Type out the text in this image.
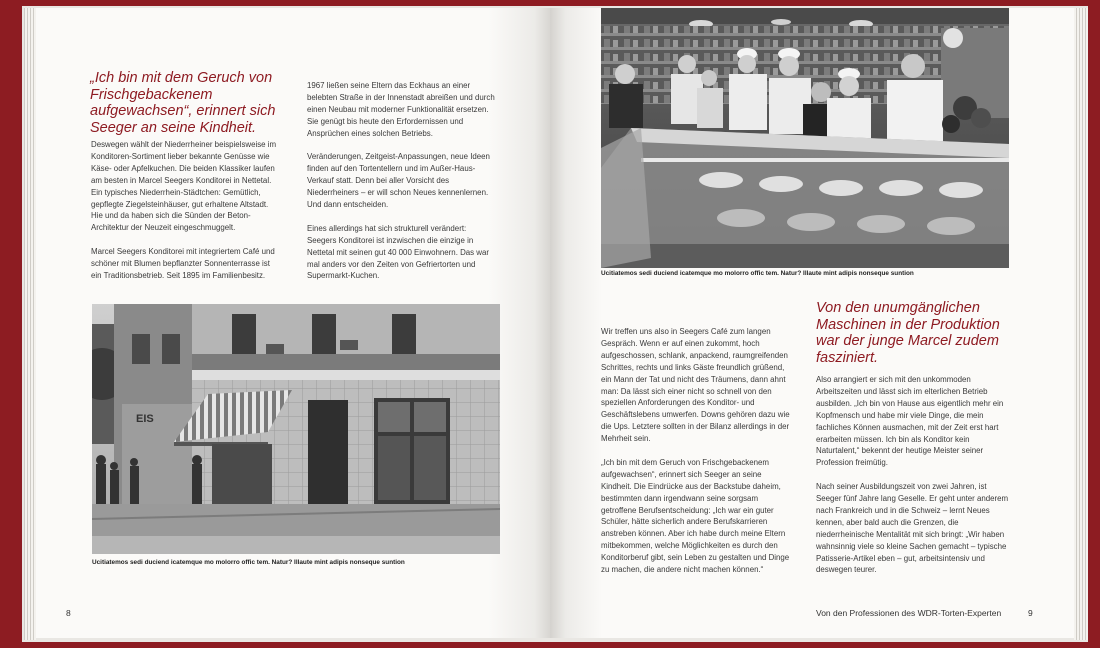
„Ich bin mit dem Geruch von Frischgebackenem aufgewachsen“, erinnert sich Seeger an seine Kindheit.

Deswegen wählt der Niederrheiner beispielsweise im Konditoren-Sortiment lieber bekannte Genüsse wie Käse- oder Apfelkuchen. Die beiden Klassiker laufen am besten in Marcel Seegers Konditorei in Nettetal. Ein typisches Niederrhein-Städtchen: Gemütlich, gepflegte Ziegelsteinhäuser, gut erhaltene Altstadt. Hie und da haben sich die Sünden der Beton-Architektur der Neuzeit eingeschmuggelt.

Marcel Seegers Konditorei mit integriertem Café und schöner mit Blumen bepflanzter Sonnenterrasse ist ein Traditionsbetrieb. Seit 1895 im Familienbesitz.

1967 ließen seine Eltern das Eckhaus an einer belebten Straße in der Innenstadt abreißen und durch einen Neubau mit moderner Funktionalität ersetzen. Sie genügt bis heute den Erfordernissen und Ansprüchen eines solchen Betriebs.

Veränderungen, Zeitgeist-Anpassungen, neue Ideen finden auf den Tortentellern und im Außer-Haus-Verkauf statt. Denn bei aller Vorsicht des Niederrheiners – er will schon Neues kennenlernen. Und dann entscheiden.

Eines allerdings hat sich strukturell verändert: Seegers Konditorei ist inzwischen die einzige in Nettetal mit seinen gut 40 000 Einwohnern. Das war mal anders vor den Zeiten von Gefriertorten und Supermarkt-Kuchen.

EIS
Ucitiatemos sedi duciend icatemque mo molorro offic tem. Natur? Illaute mint adipis nonseque suntion
8
Ucitiatemos sedi duciend icatemque mo molorro offic tem. Natur? Illaute mint adipis nonseque suntion
Von den unumgänglichen Maschinen in der Produktion war der junge Marcel zudem fasziniert.

Wir treffen uns also in Seegers Café zum langen Gespräch. Wenn er auf einen zukommt, hoch aufgeschossen, schlank, anpackend, raumgreifenden Schrittes, rechts und links Gäste freundlich grüßend, ein Mann der Tat und nicht des Träumens, dann ahnt man: Da lässt sich einer nicht so schnell von den speziellen Anforderungen des Konditor- und Geschäftslebens umwerfen. Downs gehören dazu wie die Ups. Letztere sollten in der Bilanz allerdings in der Mehrheit sein.

„Ich bin mit dem Geruch von Frischgebackenem aufgewachsen“, erinnert sich Seeger an seine Kindheit. Die Eindrücke aus der Backstube daheim, bestimmten dann irgendwann seine sorgsam getroffene Berufsentscheidung: „Ich war ein guter Schüler, hätte sicherlich andere Berufskarrieren anstreben können. Aber ich habe durch meine Eltern mitbekommen, welche Möglichkeiten es durch den Konditorberuf gibt, sein Leben zu gestalten und Dinge zu machen, die andere nicht machen können.“

Also arrangiert er sich mit den unkommoden Arbeitszeiten und lässt sich im elterlichen Betrieb ausbilden. „Ich bin von Hause aus eigentlich mehr ein Kopfmensch und habe mir viele Dinge, die mein fachliches Können ausmachen, mit der Zeit erst hart erarbeiten müssen. Ich bin als Konditor kein Naturtalent,“ bekennt der heutige Meister seiner Profession freimütig.

Nach seiner Ausbildungszeit von zwei Jahren, ist Seeger fünf Jahre lang Geselle. Er geht unter anderem nach Frankreich und in die Schweiz – lernt Neues kennen, aber bald auch die Grenzen, die niederrheinische Mentalität mit sich bringt: „Wir haben wahnsinnig viele so kleine Sachen gemacht – typische Patisserie-Artikel eben – gut, arbeitsintensiv und deswegen teurer.

Von den Professionen des WDR-Torten-Experten	9
